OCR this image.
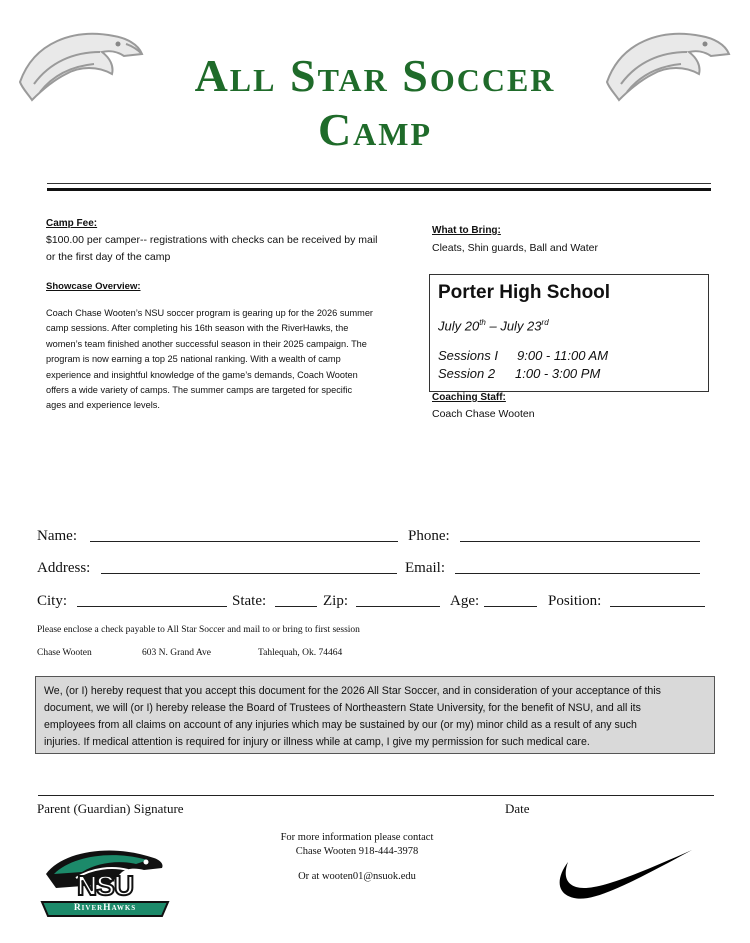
All Star Soccer
Camp
Camp Fee:
$100.00 per camper-- registrations with checks can be received by mail
or the first day of the camp
Showcase Overview:
Coach Chase Wooten’s NSU soccer program is gearing up for the 2026 summer
camp sessions. After completing his 16th season with the RiverHawks, the
women’s team finished another successful season in their 2025 campaign. The
program is now earning a top 25 national ranking. With a wealth of camp
experience and insightful knowledge of the game’s demands, Coach Wooten
offers a wide variety of camps. The summer camps are targeted for specific
ages and experience levels.
What to Bring:
Cleats, Shin guards, Ball and Water
Porter High School
July 20th – July 23rd
Sessions I 9:00 - 11:00 AM
Session 2 1:00 - 3:00 PM
Coaching Staff:
Coach Chase Wooten
Name:	Phone:
Address:	Email:
City:	State:	Zip:	Age:	Position:
Please enclose a check payable to All Star Soccer and mail to or bring to first session
Chase Wooten	603 N. Grand Ave	Tahlequah, Ok. 74464
We, (or I) hereby request that you accept this document for the 2026 All Star Soccer, and in consideration of your acceptance of this
document, we will (or I) hereby release the Board of Trustees of Northeastern State University, for the benefit of NSU, and all its
employees from all claims on account of any injuries which may be sustained by our (or my) minor child as a result of any such
injuries. If medical attention is required for injury or illness while at camp, I give my permission for such medical care.
Parent (Guardian) Signature	Date
For more information please contact
Chase Wooten 918-444-3978
Or at wooten01@nsuok.edu
NSU
RiverHawks
